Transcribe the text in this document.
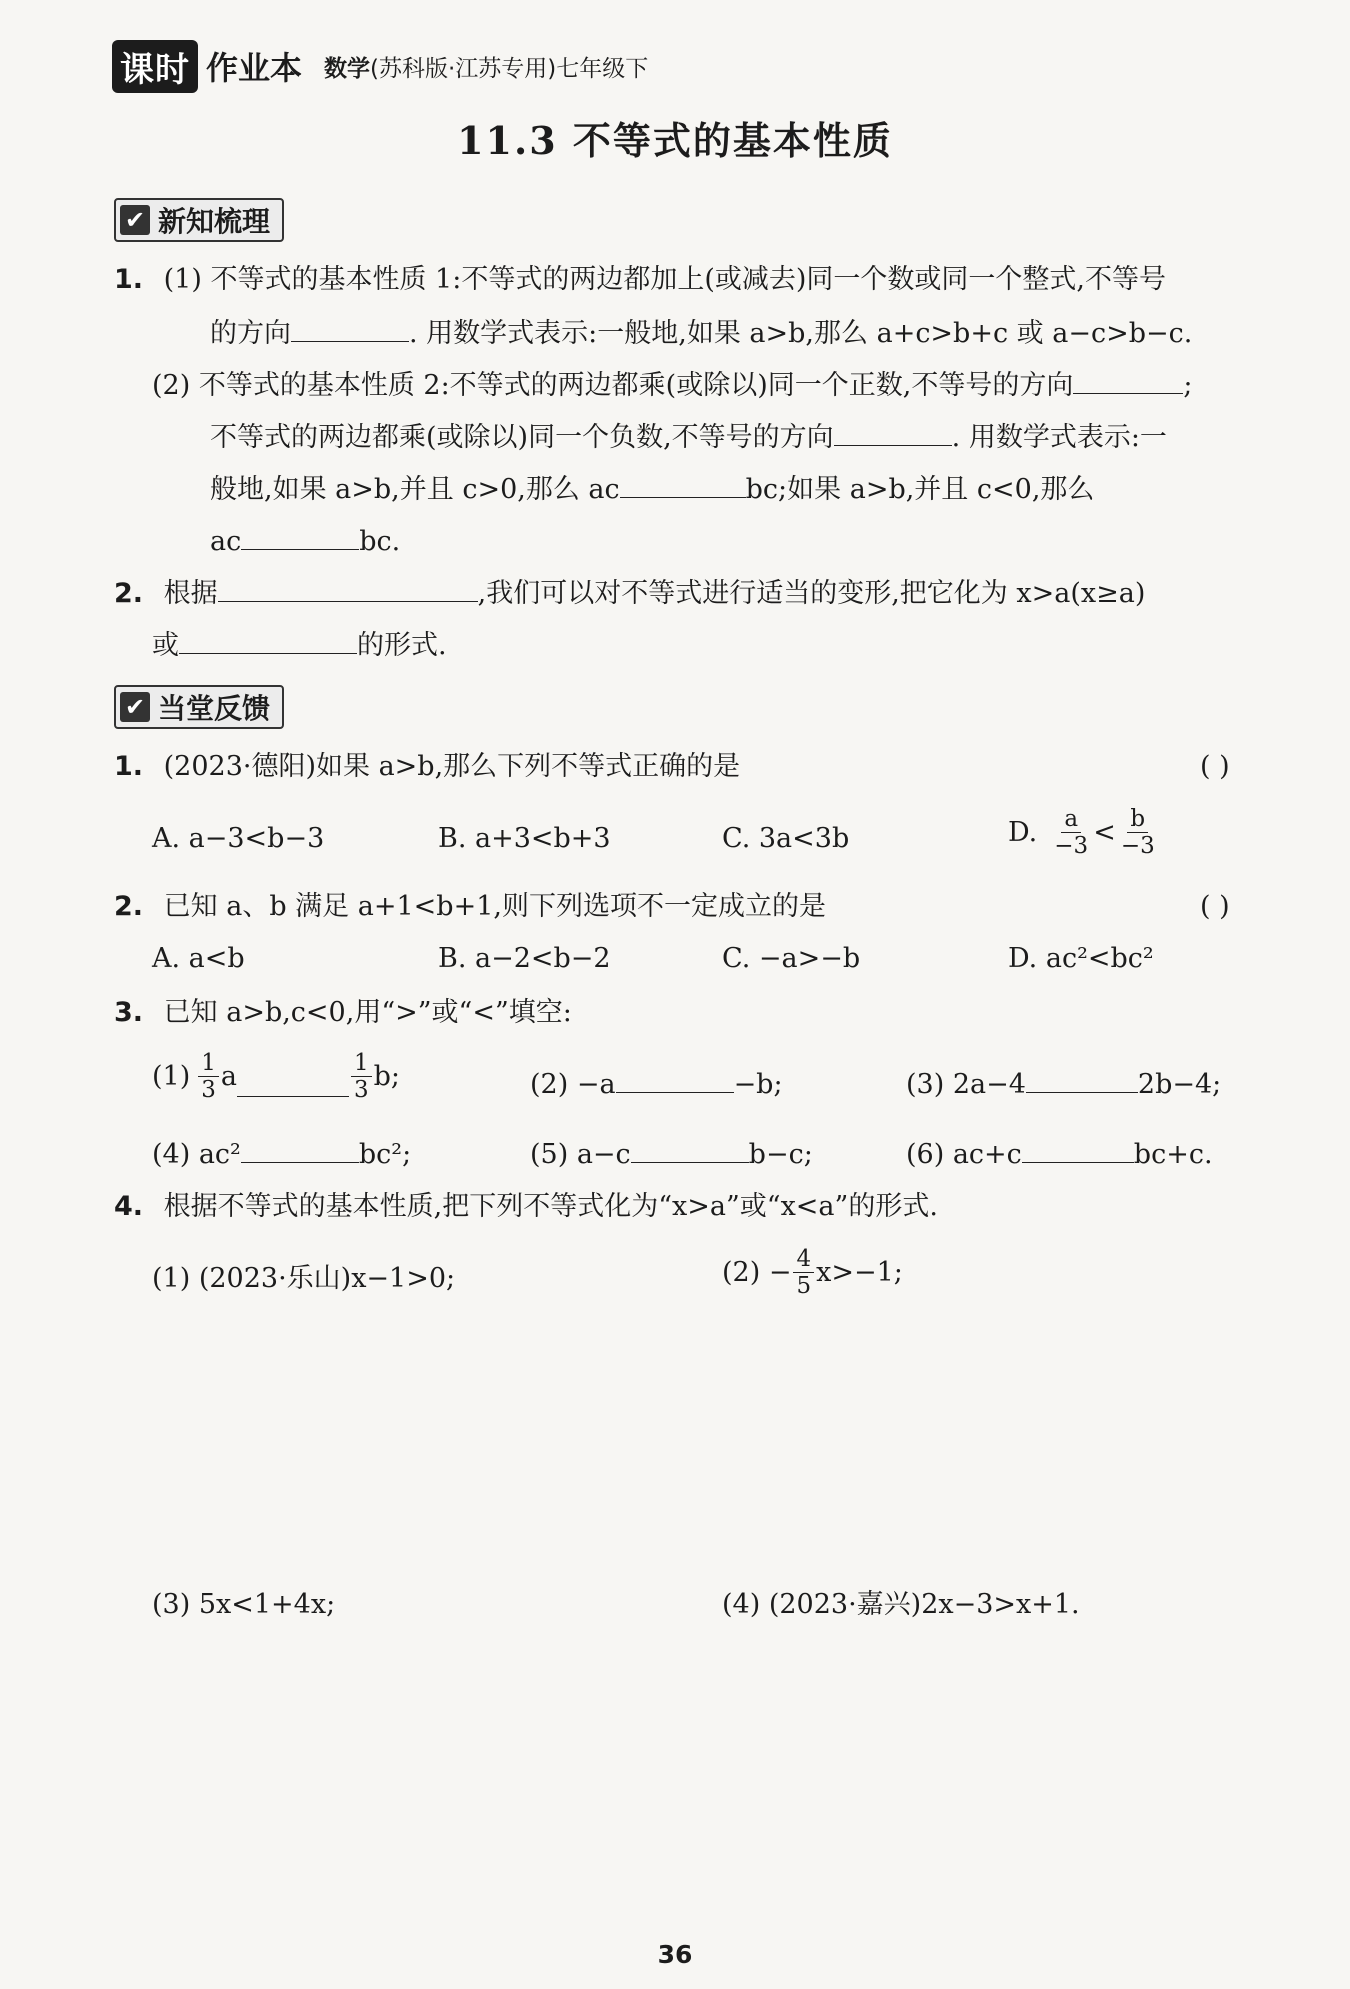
课时 作业本 数学(苏科版·江苏专用)七年级下
11.3 不等式的基本性质
✔ 新知梳理
1. (1) 不等式的基本性质 1:不等式的两边都加上(或减去)同一个数或同一个整式,不等号
的方向	. 用数学式表示:一般地,如果 a>b,那么 a+c>b+c 或 a−c>b−c.
(2) 不等式的基本性质 2:不等式的两边都乘(或除以)同一个正数,不等号的方向	;
不等式的两边都乘(或除以)同一个负数,不等号的方向	. 用数学式表示:一
般地,如果 a>b,并且 c>0,那么 ac	bc;如果 a>b,并且 c<0,那么
ac	bc.
2. 根据	,我们可以对不等式进行适当的变形,把它化为 x>a(x≥a)
或	的形式.
✔ 当堂反馈
1. (2023·德阳)如果 a>b,那么下列不等式正确的是	( )
A. a−3<b−3	B. a+3<b+3	C. 3a<3b	D. $\frac{a}{-3} < \frac{b}{-3}$
2. 已知 a、b 满足 a+1<b+1,则下列选项不一定成立的是	( )
A. a<b	B. a−2<b−2	C. −a>−b	D. ac²<bc²
3. 已知 a>b,c<0,用“>”或“<”填空:
$(1) \frac{1}{3}$ a	$\frac{1}{3} b$;	(2) −a	−b;	(3) 2a−4	2b−4;
(4) ac²	bc²;	(5) a−c	b−c;	(6) ac+c	bc+c.
4. 根据不等式的基本性质,把下列不等式化为“x>a”或“x<a”的形式.
(1) (2023·乐山)x−1>0;	$(2) - \frac{4}{5} x>-1$;
(3) 5x<1+4x;	(4) (2023·嘉兴)2x−3>x+1.
36
